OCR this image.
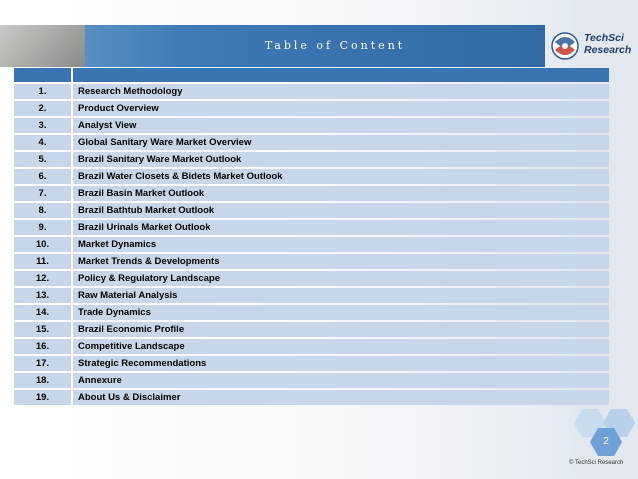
Table of Content
TechSci
Research

1.	Research Methodology
2.	Product Overview
3.	Analyst View
4.	Global Sanitary Ware Market Overview
5.	Brazil Sanitary Ware Market Outlook
6.	Brazil Water Closets & Bidets Market Outlook
7.	Brazil Basin Market Outlook
8.	Brazil Bathtub Market Outlook
9.	Brazil Urinals Market Outlook
10.	Market Dynamics
11.	Market Trends & Developments
12.	Policy & Regulatory Landscape
13.	Raw Material Analysis
14.	Trade Dynamics
15.	Brazil Economic Profile
16.	Competitive Landscape
17.	Strategic Recommendations
18.	Annexure
19.	About Us & Disclaimer
2
© TechSci Research
